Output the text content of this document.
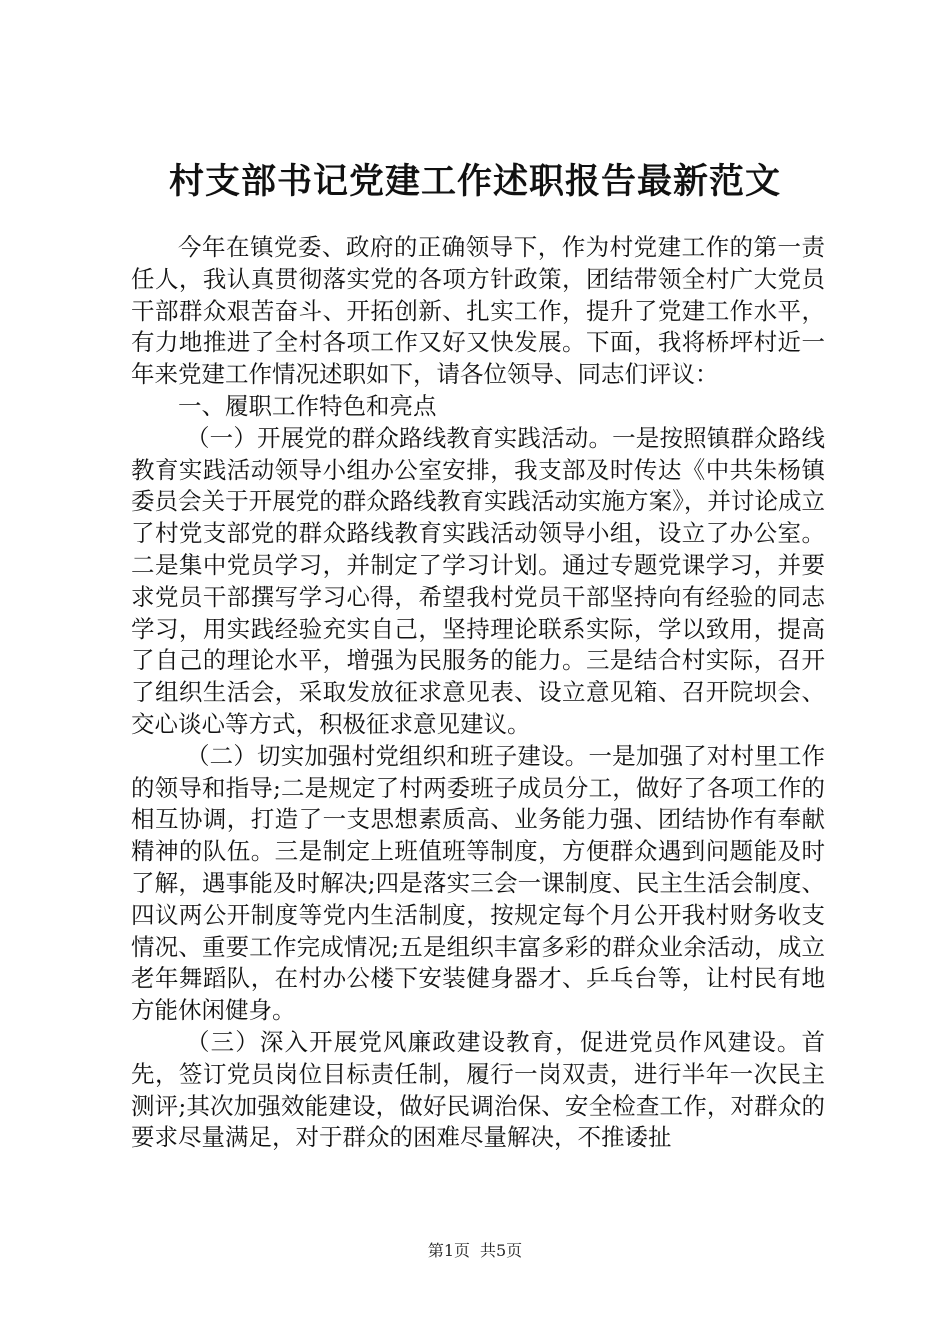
村支部书记党建工作述职报告最新范文

今年在镇党委、政府的正确领导下，作为村党建工作的第一责任人，我认真贯彻落实党的各项方针政策，团结带领全村广大党员干部群众艰苦奋斗、开拓创新、扎实工作，提升了党建工作水平，有力地推进了全村各项工作又好又快发展。下面，我将桥坪村近一年来党建工作情况述职如下，请各位领导、同志们评议：

一、履职工作特色和亮点

（一）开展党的群众路线教育实践活动。一是按照镇群众路线教育实践活动领导小组办公室安排，我支部及时传达《中共朱杨镇委员会关于开展党的群众路线教育实践活动实施方案》，并讨论成立了村党支部党的群众路线教育实践活动领导小组，设立了办公室。二是集中党员学习，并制定了学习计划。通过专题党课学习，并要求党员干部撰写学习心得，希望我村党员干部坚持向有经验的同志学习，用实践经验充实自己，坚持理论联系实际，学以致用，提高了自己的理论水平，增强为民服务的能力。三是结合村实际，召开了组织生活会，采取发放征求意见表、设立意见箱、召开院坝会、交心谈心等方式，积极征求意见建议。

（二）切实加强村党组织和班子建设。一是加强了对村里工作的领导和指导;二是规定了村两委班子成员分工，做好了各项工作的相互协调，打造了一支思想素质高、业务能力强、团结协作有奉献精神的队伍。三是制定上班值班等制度，方便群众遇到问题能及时了解，遇事能及时解决;四是落实三会一课制度、民主生活会制度、四议两公开制度等党内生活制度，按规定每个月公开我村财务收支情况、重要工作完成情况;五是组织丰富多彩的群众业余活动，成立老年舞蹈队，在村办公楼下安装健身器才、乒乓台等，让村民有地方能休闲健身。

（三）深入开展党风廉政建设教育，促进党员作风建设。首先，签订党员岗位目标责任制，履行一岗双责，进行半年一次民主测评;其次加强效能建设，做好民调治保、安全检查工作，对群众的要求尽量满足，对于群众的困难尽量解决，不推诿扯

第1页 共5页
